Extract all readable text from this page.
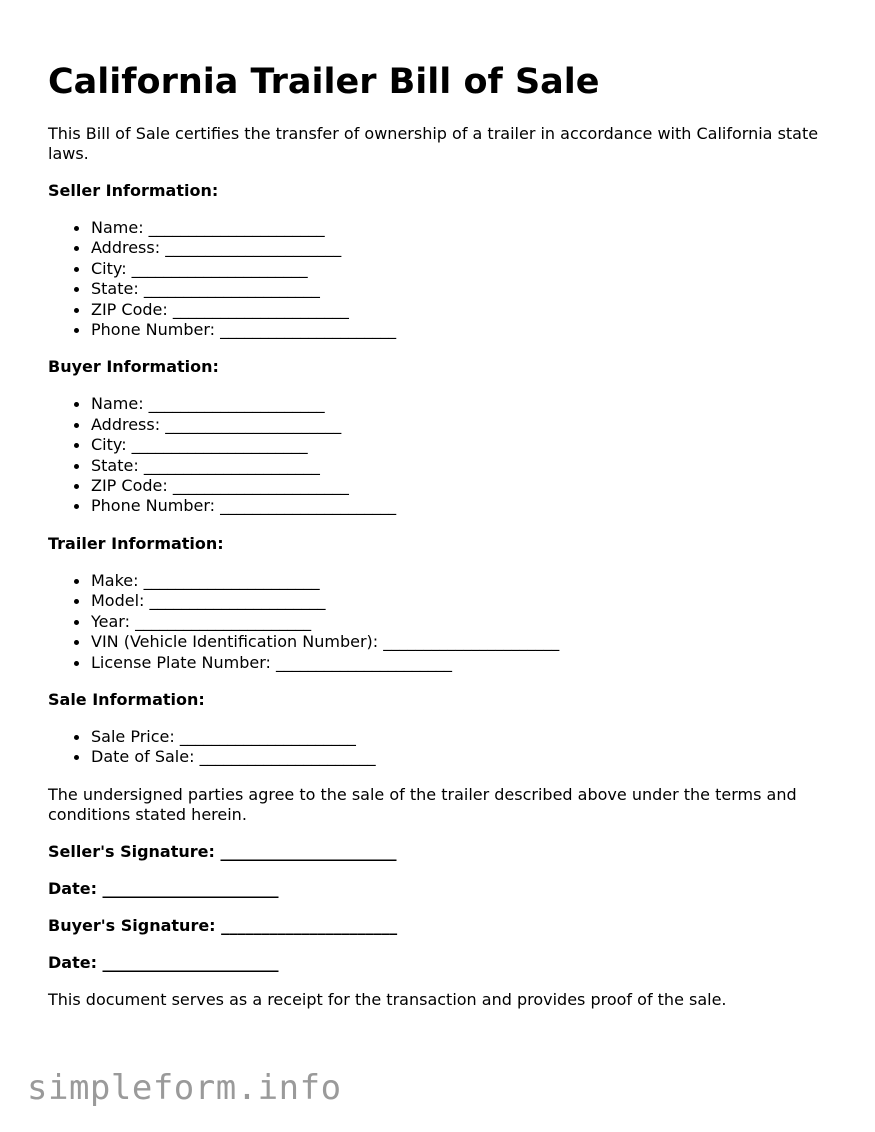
California Trailer Bill of Sale

This Bill of Sale certifies the transfer of ownership of a trailer in accordance with California state laws.

Seller Information:
Name: ______________________
Address: ______________________
City: ______________________
State: ______________________
ZIP Code: ______________________
Phone Number: ______________________
Buyer Information:
Name: ______________________
Address: ______________________
City: ______________________
State: ______________________
ZIP Code: ______________________
Phone Number: ______________________
Trailer Information:
Make: ______________________
Model: ______________________
Year: ______________________
VIN (Vehicle Identification Number): ______________________
License Plate Number: ______________________
Sale Information:
Sale Price: ______________________
Date of Sale: ______________________

The undersigned parties agree to the sale of the trailer described above under the terms and conditions stated herein.

Seller's Signature: ______________________
Date: ______________________
Buyer's Signature: ______________________
Date: ______________________

This document serves as a receipt for the transaction and provides proof of the sale.

simpleform.info
